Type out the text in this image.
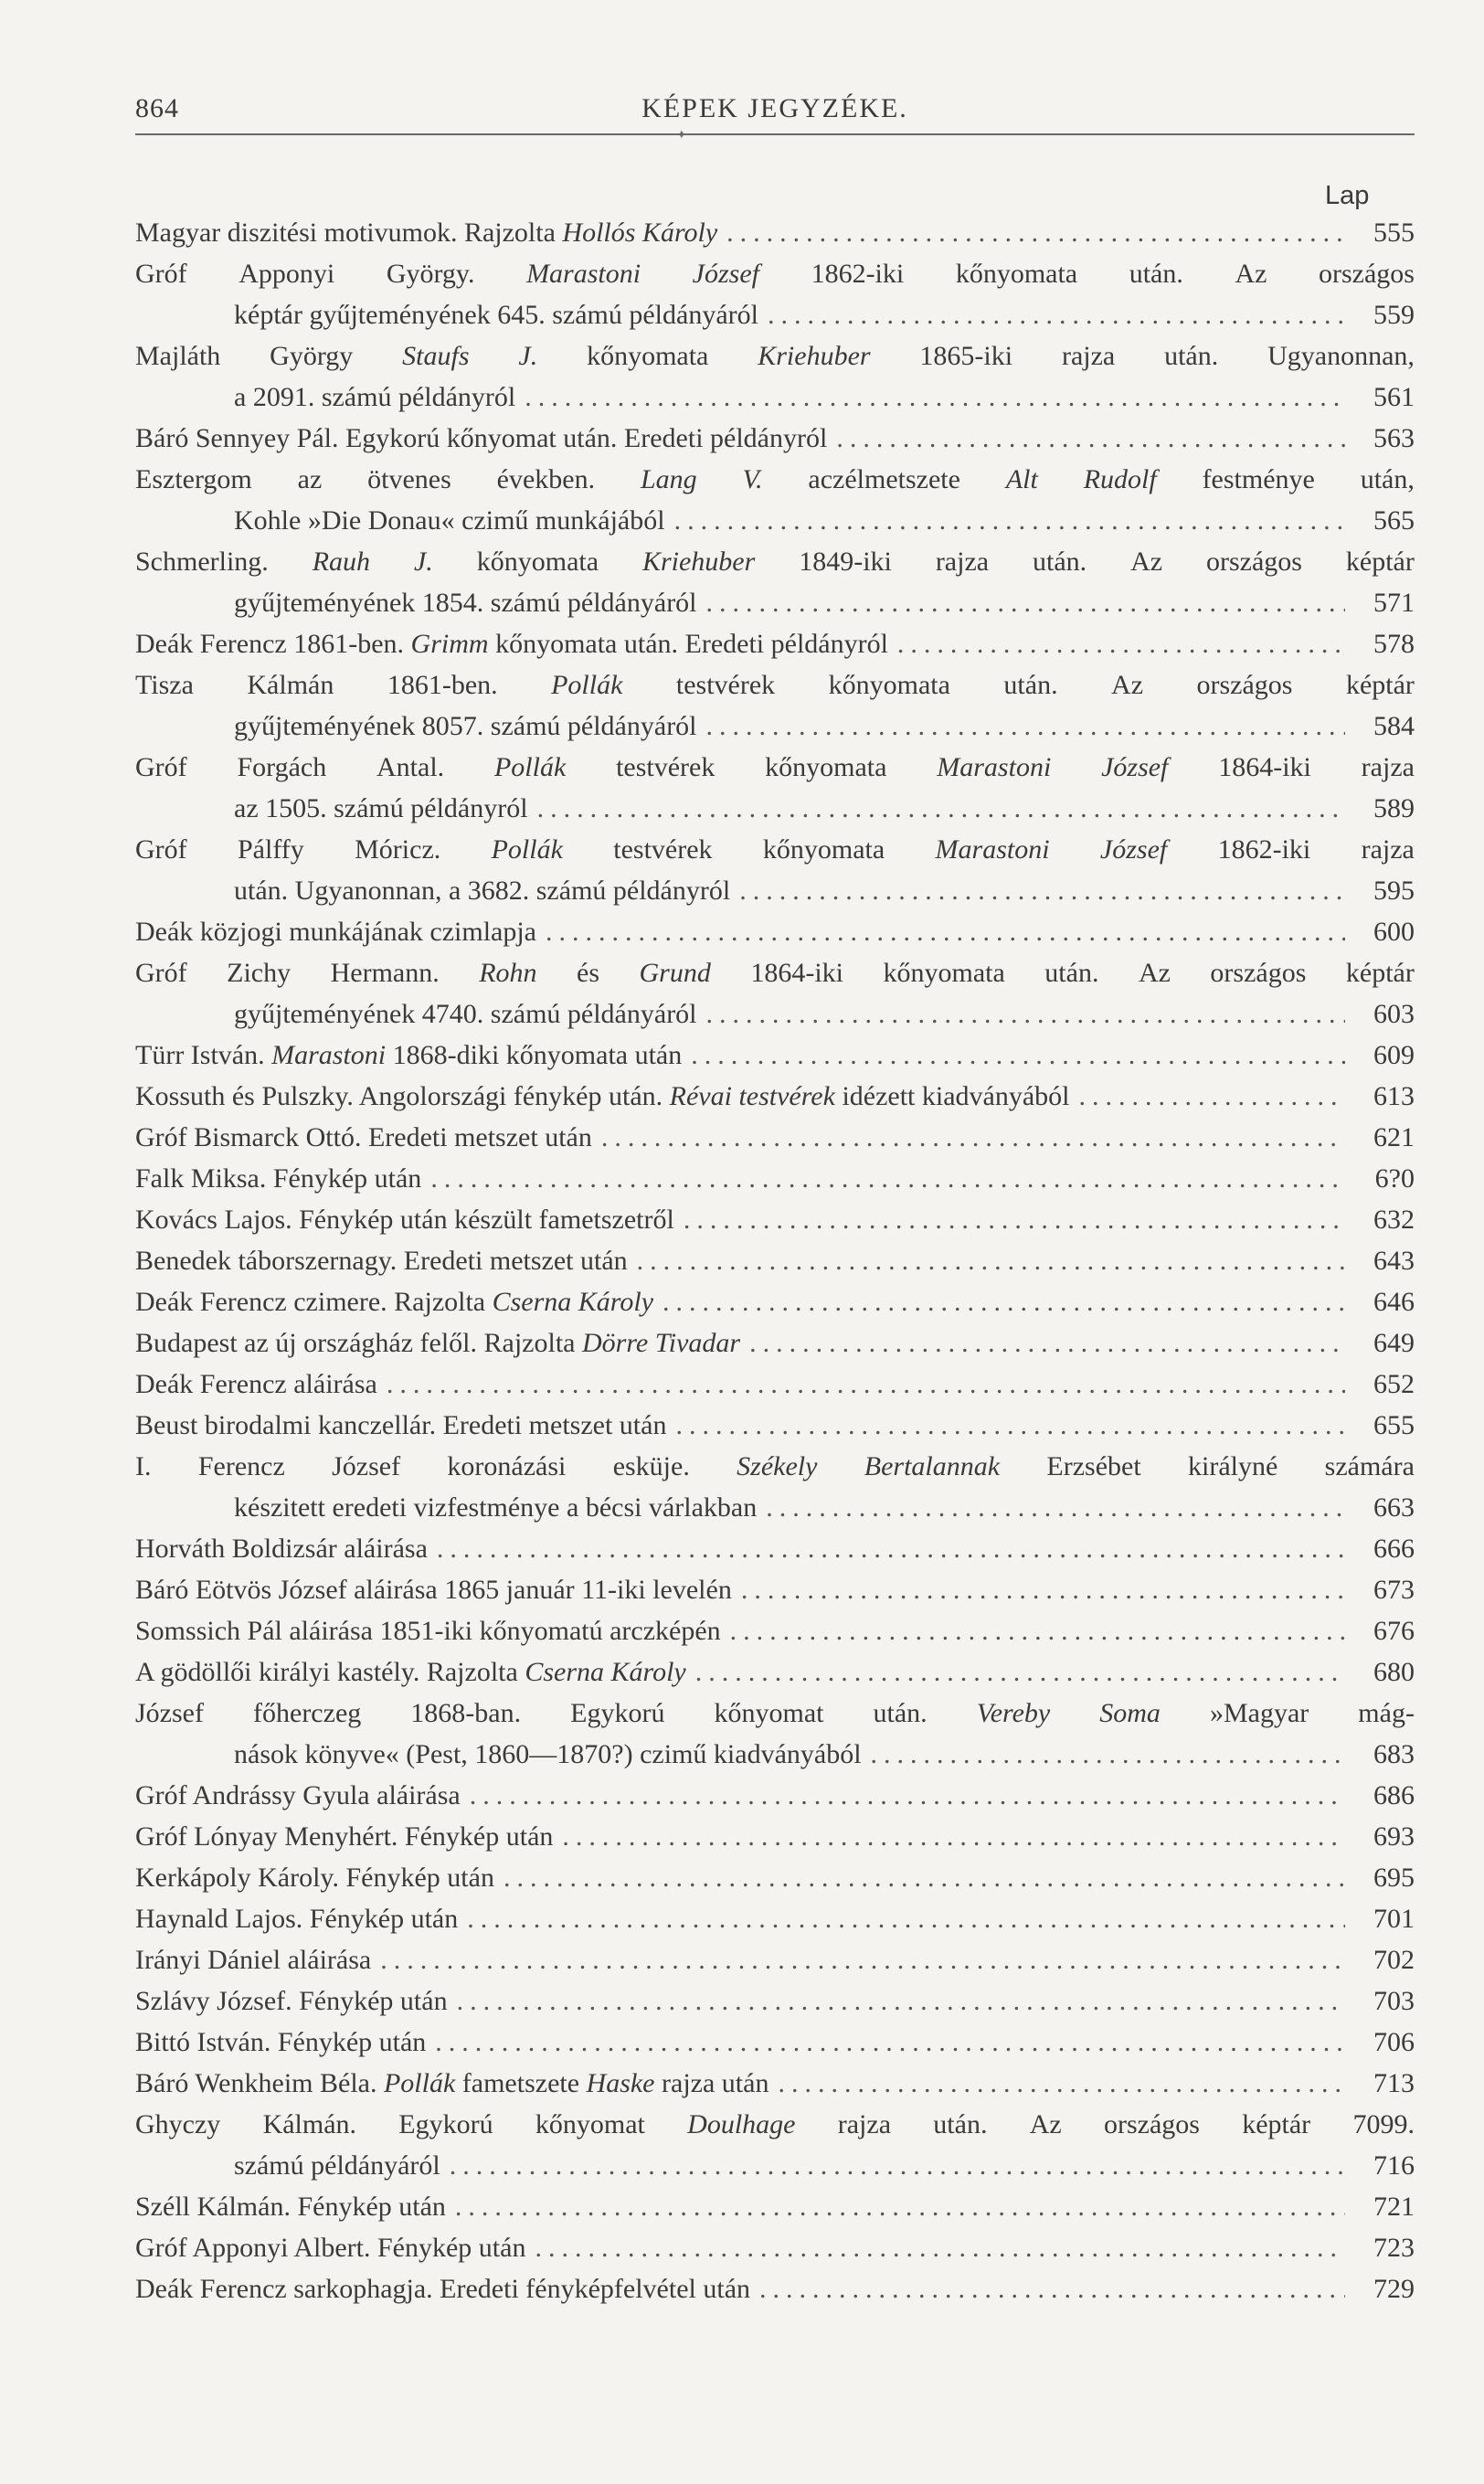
864	KÉPEK JEGYZÉKE.
✦
Lap
Magyar diszitési motivumok. Rajzolta Hollós Károly .....	555
Gróf Apponyi György. Marastoni József 1862-iki kőnyomata után. Az országos
képtár gyűjteményének 645. számú példányáról .....	559
Majláth György Staufs J. kőnyomata Kriehuber 1865-iki rajza után. Ugyanonnan,
a 2091. számú példányról .....	561
Báró Sennyey Pál. Egykorú kőnyomat után. Eredeti példányról .....	563
Esztergom az ötvenes években. Lang V. aczélmetszete Alt Rudolf festménye után,
Kohle »Die Donau« czimű munkájából .....	565
Schmerling. Rauh J. kőnyomata Kriehuber 1849-iki rajza után. Az országos képtár
gyűjteményének 1854. számú példányáról .....	571
Deák Ferencz 1861-ben. Grimm kőnyomata után. Eredeti példányról .....	578
Tisza Kálmán 1861-ben. Pollák testvérek kőnyomata után. Az országos képtár
gyűjteményének 8057. számú példányáról .....	584
Gróf Forgách Antal. Pollák testvérek kőnyomata Marastoni József 1864-iki rajza
az 1505. számú példányról .....	589
Gróf Pálffy Móricz. Pollák testvérek kőnyomata Marastoni József 1862-iki rajza
után. Ugyanonnan, a 3682. számú példányról .....	595
Deák közjogi munkájának czimlapja .....	600
Gróf Zichy Hermann. Rohn és Grund 1864-iki kőnyomata után. Az országos képtár
gyűjteményének 4740. számú példányáról .....	603
Türr István. Marastoni 1868-diki kőnyomata után .....	609
Kossuth és Pulszky. Angolországi fénykép után. Révai testvérek idézett kiadványából .....	613
Gróf Bismarck Ottó. Eredeti metszet után .....	621
Falk Miksa. Fénykép után .....	6?0
Kovács Lajos. Fénykép után készült fametszetről .....	632
Benedek táborszernagy. Eredeti metszet után .....	643
Deák Ferencz czimere. Rajzolta Cserna Károly .....	646
Budapest az új országház felől. Rajzolta Dörre Tivadar .....	649
Deák Ferencz aláirása .....	652
Beust birodalmi kanczellár. Eredeti metszet után .....	655
I. Ferencz József koronázási esküje. Székely Bertalannak Erzsébet királyné számára
készitett eredeti vizfestménye a bécsi várlakban .....	663
Horváth Boldizsár aláirása .....	666
Báró Eötvös József aláirása 1865 január 11-iki levelén .....	673
Somssich Pál aláirása 1851-iki kőnyomatú arczképén .....	676
A gödöllői királyi kastély. Rajzolta Cserna Károly .....	680
József főherczeg 1868-ban. Egykorú kőnyomat után. Vereby Soma »Magyar mág-
nások könyve« (Pest, 1860—1870?) czimű kiadványából .....	683
Gróf Andrássy Gyula aláirása .....	686
Gróf Lónyay Menyhért. Fénykép után .....	693
Kerkápoly Károly. Fénykép után .....	695
Haynald Lajos. Fénykép után .....	701
Irányi Dániel aláirása .....	702
Szlávy József. Fénykép után .....	703
Bittó István. Fénykép után .....	706
Báró Wenkheim Béla. Pollák fametszete Haske rajza után .....	713
Ghyczy Kálmán. Egykorú kőnyomat Doulhage rajza után. Az országos képtár 7099.
számú példányáról .....	716
Széll Kálmán. Fénykép után .....	721
Gróf Apponyi Albert. Fénykép után .....	723
Deák Ferencz sarkophagja. Eredeti fényképfelvétel után .....	729
